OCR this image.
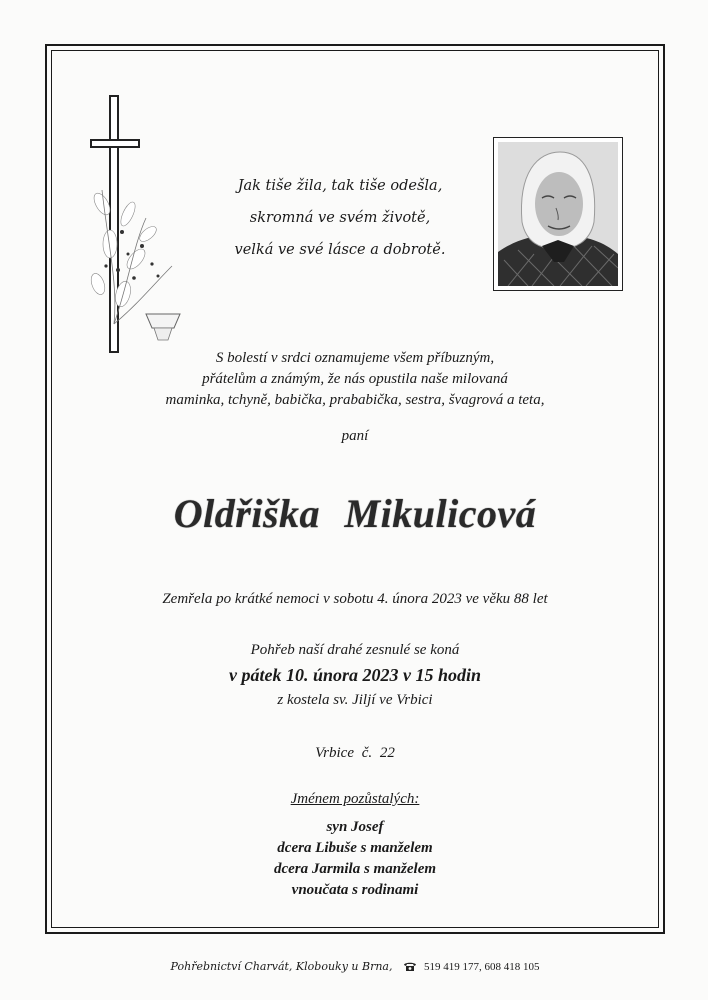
Jak tiše žila, tak tiše odešla,
skromná ve svém životě,
velká ve své lásce a dobrotě.
S bolestí v srdci oznamujeme všem příbuzným,
přátelům a známým, že nás opustila naše milovaná
maminka, tchyně, babička, prababička, sestra, švagrová a teta,
paní
Oldřiška Mikulicová
Zemřela po krátké nemoci v sobotu 4. února 2023 ve věku 88 let
Pohřeb naší drahé zesnulé se koná
v pátek 10. února 2023 v 15 hodin
z kostela sv. Jiljí ve Vrbici
Vrbice č. 22
Jménem pozůstalých:
syn Josef
dcera Libuše s manželem
dcera Jarmila s manželem
vnoučata s rodinami
Pohřebnictví Charvát, Klobouky u Brna,	519 419 177, 608 418 105
